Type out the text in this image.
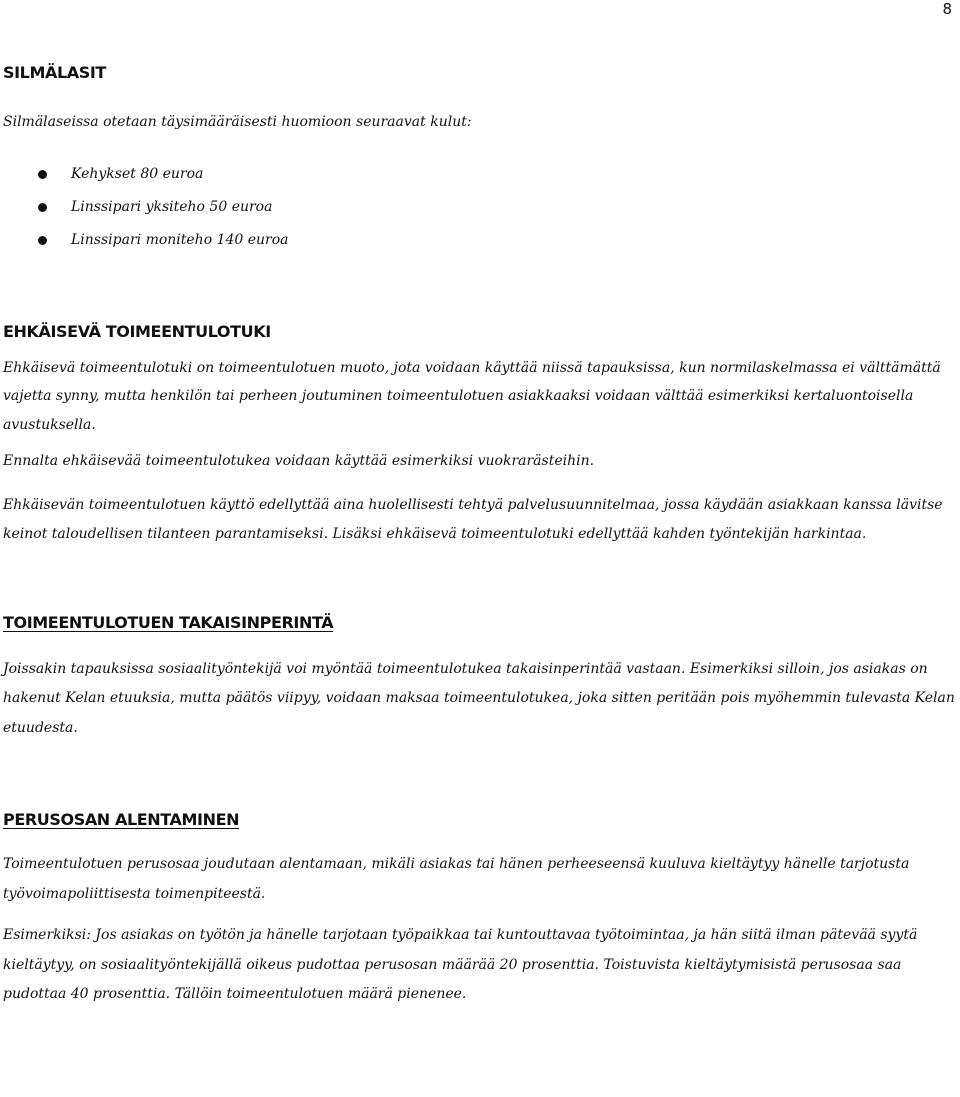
8
SILMÄLASIT

Silmälaseissa otetaan täysimääräisesti huomioon seuraavat kulut:

Kehykset 80 euroa
Linssipari yksiteho 50 euroa
Linssipari moniteho 140 euroa
EHKÄISEVÄ TOIMEENTULOTUKI

Ehkäisevä toimeentulotuki on toimeentulotuen muoto, jota voidaan käyttää niissä tapauksissa, kun normilaskelmassa ei välttämättä vajetta synny, mutta henkilön tai perheen joutuminen toimeentulotuen asiakkaaksi voidaan välttää esimerkiksi kertaluontoisella avustuksella.

Ennalta ehkäisevää toimeentulotukea voidaan käyttää esimerkiksi vuokrarästeihin.

Ehkäisevän toimeentulotuen käyttö edellyttää aina huolellisesti tehtyä palvelusuunnitelmaa, jossa käydään asiakkaan kanssa lävitse keinot taloudellisen tilanteen parantamiseksi. Lisäksi ehkäisevä toimeentulotuki edellyttää kahden työntekijän harkintaa.

TOIMEENTULOTUEN TAKAISINPERINTÄ

Joissakin tapauksissa sosiaalityöntekijä voi myöntää toimeentulotukea takaisinperintää vastaan. Esimerkiksi silloin, jos asiakas on hakenut Kelan etuuksia, mutta päätös viipyy, voidaan maksaa toimeentulotukea, joka sitten peritään pois myöhemmin tulevasta Kelan etuudesta.

PERUSOSAN ALENTAMINEN

Toimeentulotuen perusosaa joudutaan alentamaan, mikäli asiakas tai hänen perheeseensä kuuluva kieltäytyy hänelle tarjotusta työvoimapoliittisesta toimenpiteestä.

Esimerkiksi: Jos asiakas on työtön ja hänelle tarjotaan työpaikkaa tai kuntouttavaa työtoimintaa, ja hän siitä ilman pätevää syytä kieltäytyy, on sosiaalityöntekijällä oikeus pudottaa perusosan määrää 20 prosenttia. Toistuvista kieltäytymisistä perusosaa saa pudottaa 40 prosenttia. Tällöin toimeentulotuen määrä pienenee.
